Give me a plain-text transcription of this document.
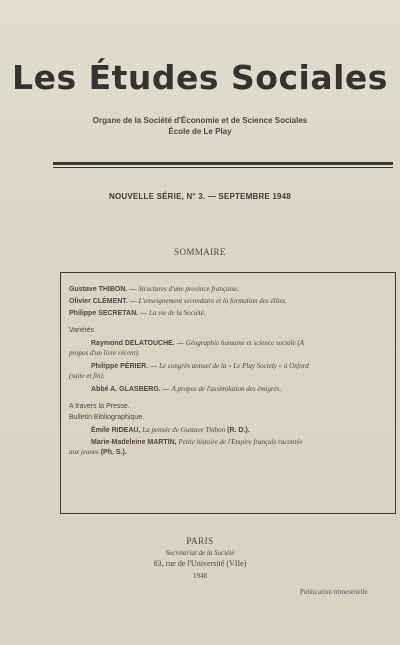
Les Études Sociales

Organe de la Société d'Économie et de Science Sociales

École de Le Play

NOUVELLE SÉRIE, N° 3. — SEPTEMBRE 1948

SOMMAIRE

Gustave THIBON. — Structures d'une province française.

Olivier CLÉMENT. — L'enseignement secondaire et la formation des élites.

Philippe SECRETAN. — La vie de la Société.

Variétés

Raymond DELATOUCHE. — Géographie humaine et science sociale (A

propos d'un livre récent).

Philippe PÉRIER. — Le congrès annuel de la « Le Play Society » à Oxford

(suite et fin).

Abbé A. GLASBERG. — A propos de l'assimilation des émigrés.

A travers la Presse.

Bulletin Bibliographique.

Émile RIDEAU, La pensée de Gustave Thibon (R. D.).

Marie-Madeleine MARTIN, Petite histoire de l'Empire français racontée

aux jeunes (Ph. S.).

PARIS

Secrétariat de la Société

83, rue de l'Université (VIIe)

1948

Publication trimestrielle
